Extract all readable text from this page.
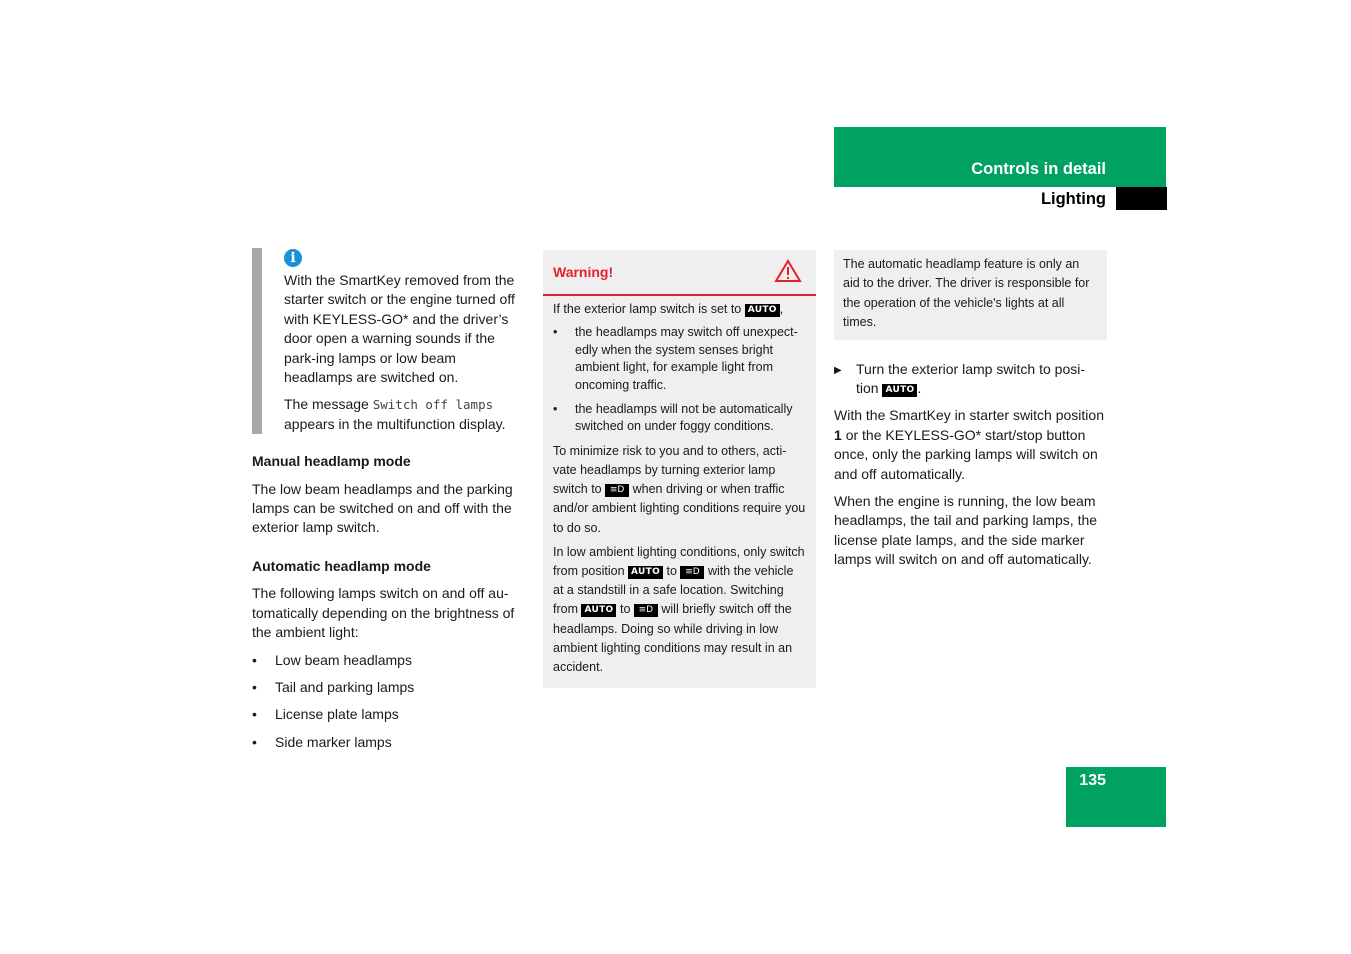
Controls in detail
Lighting
i

With the SmartKey removed from the starter switch or the engine turned off with KEYLESS-GO* and the driver’s door open a warning sounds if the park-ing lamps or low beam headlamps are switched on.

The message Switch off lamps
appears in the multifunction display.

Manual headlamp mode

The low beam headlamps and the parking lamps can be switched on and off with the exterior lamp switch.

Automatic headlamp mode

The following lamps switch on and off au-tomatically depending on the brightness of the ambient light:

• Low beam headlamps
• Tail and parking lamps
• License plate lamps
• Side marker lamps
Warning!

If the exterior lamp switch is set to AUTO ,

• the headlamps may switch off unexpect-edly when the system senses bright ambient light, for example light from oncoming traffic.
• the headlamps will not be automatically switched on under foggy conditions.

To minimize risk to you and to others, acti-vate headlamps by turning exterior lamp switch to ≡D when driving or when traffic and/or ambient lighting conditions require you to do so.

In low ambient lighting conditions, only switch from position AUTO to ≡D with the vehicle at a standstill in a safe location. Switching from AUTO to ≡D will briefly switch off the headlamps. Doing so while driving in low ambient lighting conditions may result in an accident.

The automatic headlamp feature is only an aid to the driver. The driver is responsible for the operation of the vehicle's lights at all times.

▶ Turn the exterior lamp switch to posi-tion AUTO .

With the SmartKey in starter switch position 1 or the KEYLESS-GO* start/stop button once, only the parking lamps will switch on and off automatically.

When the engine is running, the low beam headlamps, the tail and parking lamps, the license plate lamps, and the side marker lamps will switch on and off automatically.

135
